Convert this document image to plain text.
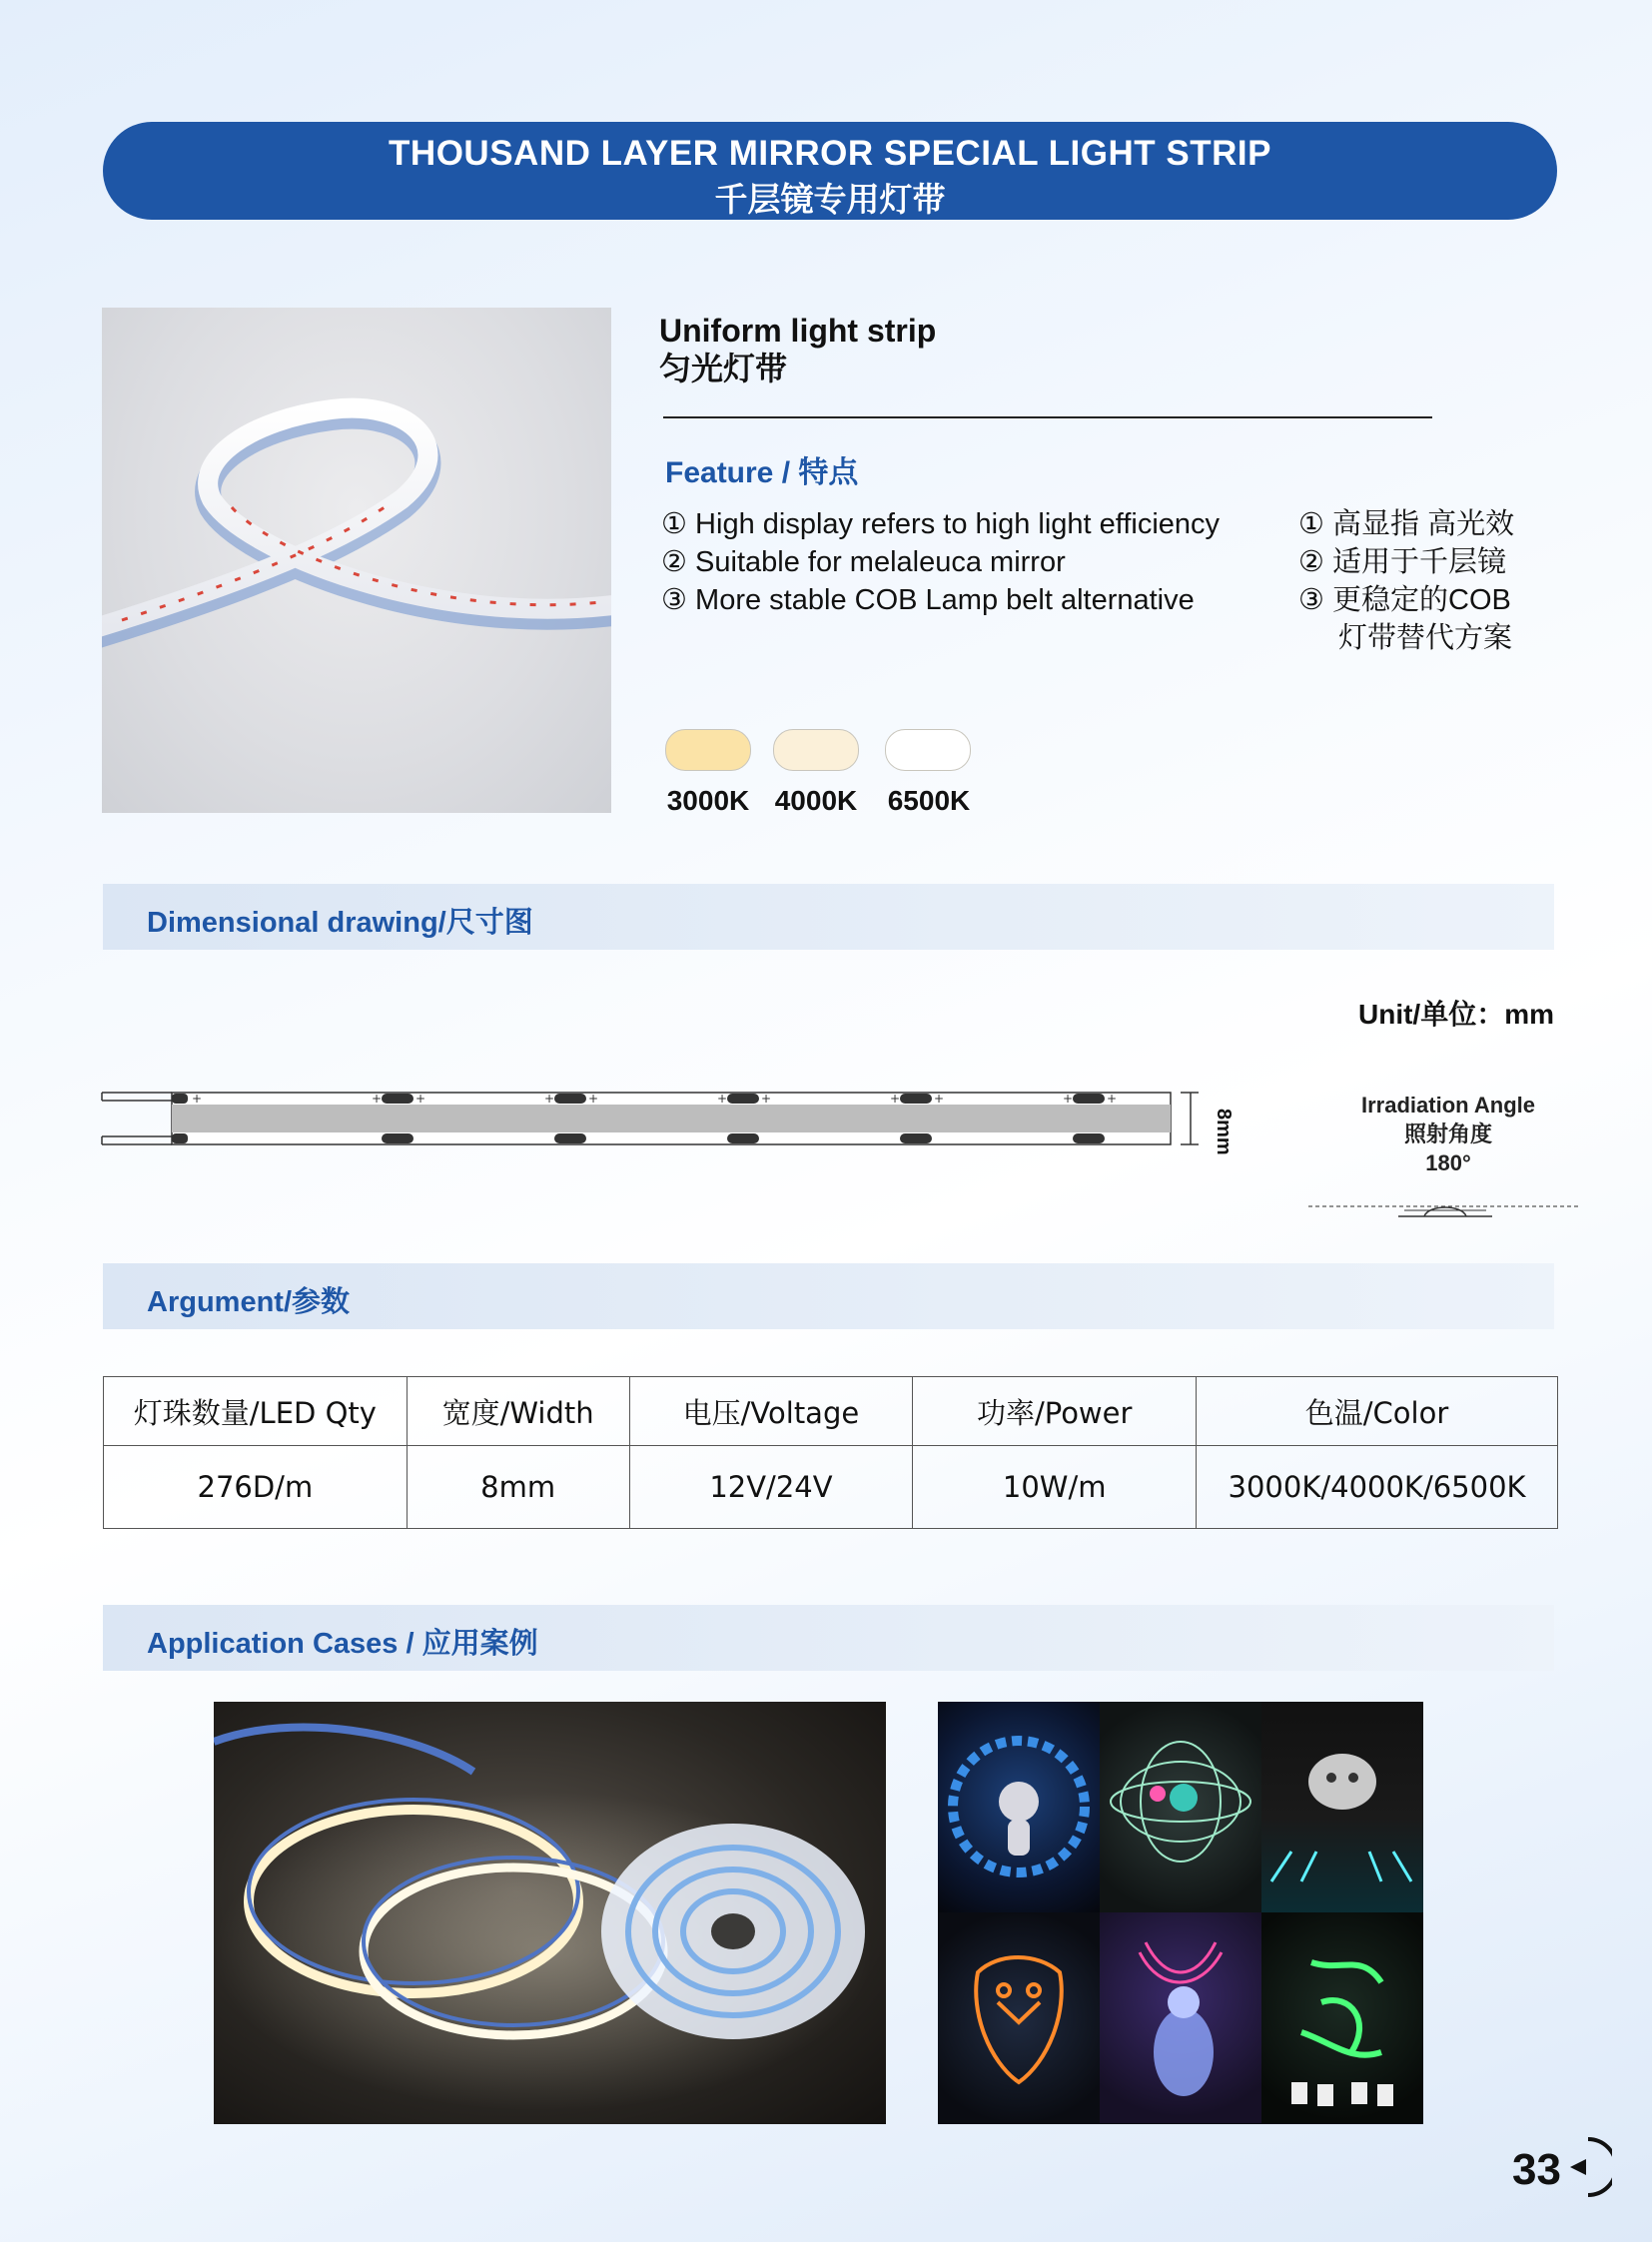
THOUSAND LAYER MIRROR SPECIAL LIGHT STRIP
千层镜专用灯带
Uniform light strip
匀光灯带
Feature / 特点
① High display refers to high light efficiency
② Suitable for melaleuca mirror
③ More stable COB Lamp belt alternative
① 高显指 高光效
② 适用于千层镜
③ 更稳定的COB
灯带替代方案
3000K 4000K	6500K
Dimensional drawing/尺寸图
Unit/单位：mm
+	+	+	+	+	+	+	+	+	+	+
8mm
Irradiation Angle
照射角度
180°
Argument/参数
灯珠数量/LED Qty	宽度/Width	电压/Voltage	功率/Power	色温/Color
276D/m	8mm	12V/24V	10W/m	3000K/4000K/6500K
Application Cases / 应用案例
33
